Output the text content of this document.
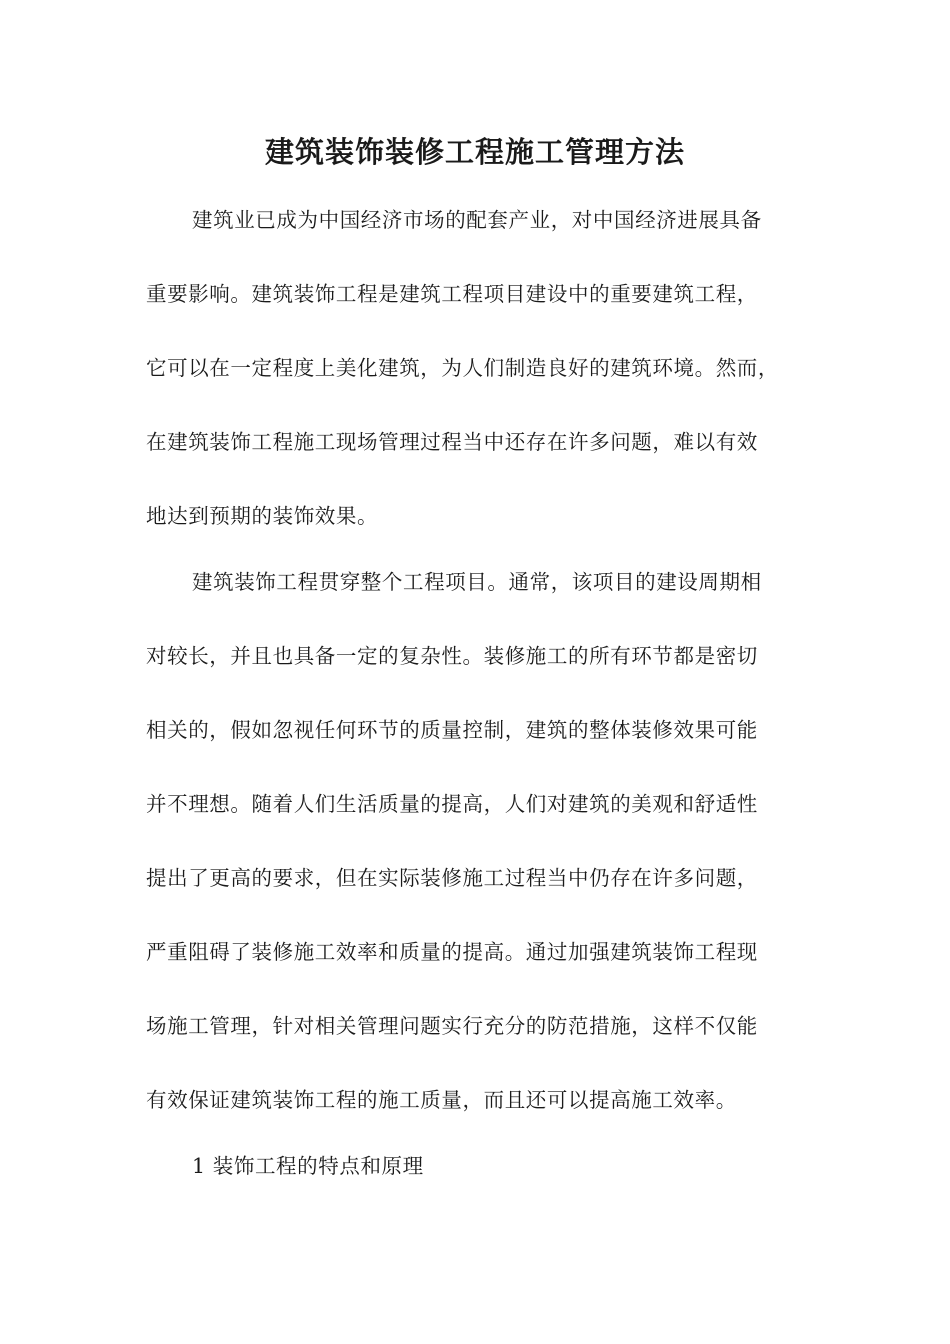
建筑装饰装修工程施工管理方法
建筑业已成为中国经济市场的配套产业，对中国经济进展具备
重要影响。建筑装饰工程是建筑工程项目建设中的重要建筑工程，
它可以在一定程度上美化建筑，为人们制造良好的建筑环境。然而，
在建筑装饰工程施工现场管理过程当中还存在许多问题，难以有效
地达到预期的装饰效果。
建筑装饰工程贯穿整个工程项目。通常，该项目的建设周期相
对较长，并且也具备一定的复杂性。装修施工的所有环节都是密切
相关的，假如忽视任何环节的质量控制，建筑的整体装修效果可能
并不理想。随着人们生活质量的提高，人们对建筑的美观和舒适性
提出了更高的要求，但在实际装修施工过程当中仍存在许多问题，
严重阻碍了装修施工效率和质量的提高。通过加强建筑装饰工程现
场施工管理，针对相关管理问题实行充分的防范措施，这样不仅能
有效保证建筑装饰工程的施工质量，而且还可以提高施工效率。
1 装饰工程的特点和原理
